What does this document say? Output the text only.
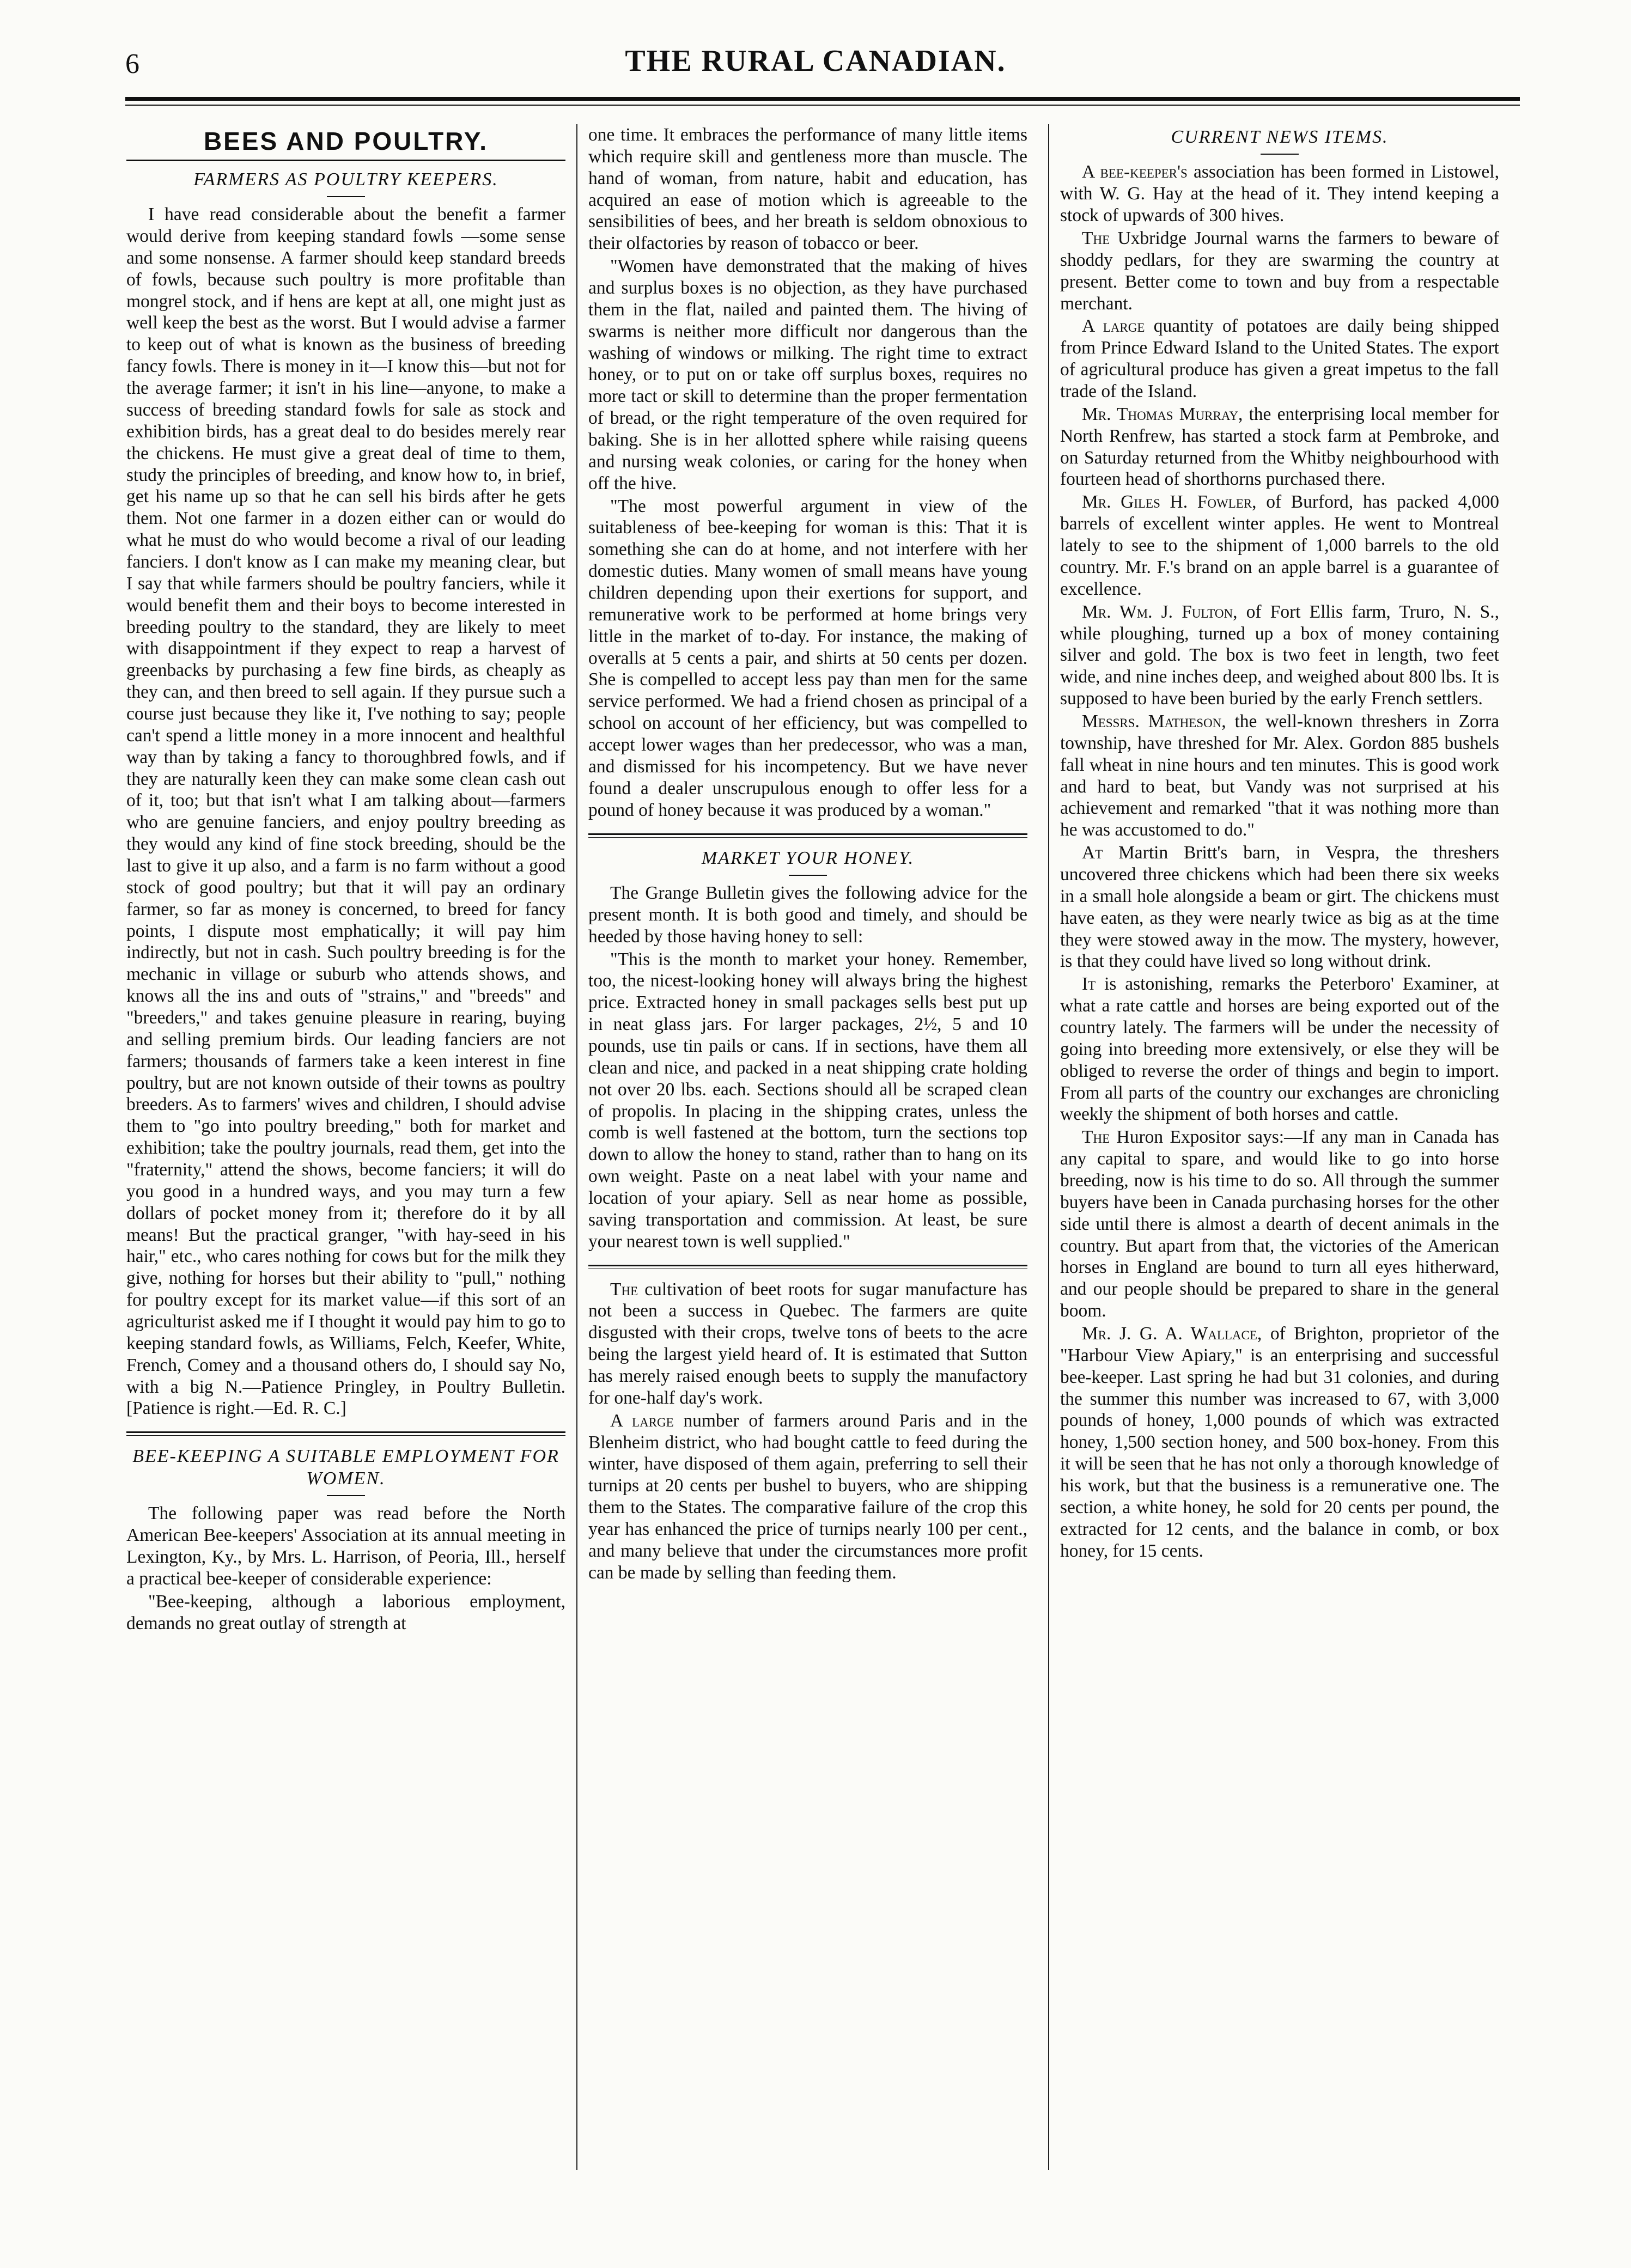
6	THE RURAL CANADIAN.
BEES AND POULTRY.
FARMERS AS POULTRY KEEPERS.

I have read considerable about the benefit a farmer would derive from keeping standard fowls —some sense and some nonsense. A farmer should keep standard breeds of fowls, because such poultry is more profitable than mongrel stock, and if hens are kept at all, one might just as well keep the best as the worst. But I would advise a farmer to keep out of what is known as the business of breeding fancy fowls. There is money in it—I know this—but not for the average farmer; it isn't in his line—anyone, to make a success of breeding standard fowls for sale as stock and exhibition birds, has a great deal to do besides merely rear the chickens. He must give a great deal of time to them, study the principles of breeding, and know how to, in brief, get his name up so that he can sell his birds after he gets them. Not one farmer in a dozen either can or would do what he must do who would become a rival of our leading fanciers. I don't know as I can make my meaning clear, but I say that while farmers should be poultry fanciers, while it would benefit them and their boys to become interested in breeding poultry to the standard, they are likely to meet with disappointment if they expect to reap a harvest of greenbacks by purchasing a few fine birds, as cheaply as they can, and then breed to sell again. If they pursue such a course just because they like it, I've nothing to say; people can't spend a little money in a more innocent and healthful way than by taking a fancy to thoroughbred fowls, and if they are naturally keen they can make some clean cash out of it, too; but that isn't what I am talking about—farmers who are genuine fanciers, and enjoy poultry breeding as they would any kind of fine stock breeding, should be the last to give it up also, and a farm is no farm without a good stock of good poultry; but that it will pay an ordinary farmer, so far as money is concerned, to breed for fancy points, I dispute most emphatically; it will pay him indirectly, but not in cash. Such poultry breeding is for the mechanic in village or suburb who attends shows, and knows all the ins and outs of "strains," and "breeds" and "breeders," and takes genuine pleasure in rearing, buying and selling premium birds. Our leading fanciers are not farmers; thousands of farmers take a keen interest in fine poultry, but are not known outside of their towns as poultry breeders. As to farmers' wives and children, I should advise them to "go into poultry breeding," both for market and exhibition; take the poultry journals, read them, get into the "fraternity," attend the shows, become fanciers; it will do you good in a hundred ways, and you may turn a few dollars of pocket money from it; therefore do it by all means! But the practical granger, "with hay-seed in his hair," etc., who cares nothing for cows but for the milk they give, nothing for horses but their ability to "pull," nothing for poultry except for its market value—if this sort of an agriculturist asked me if I thought it would pay him to go to keeping standard fowls, as Williams, Felch, Keefer, White, French, Comey and a thousand others do, I should say No, with a big N.—Patience Pringley, in Poultry Bulletin. [Patience is right.—Ed. R. C.]

BEE-KEEPING A SUITABLE EMPLOYMENT FOR WOMEN.

The following paper was read before the North American Bee-keepers' Association at its annual meeting in Lexington, Ky., by Mrs. L. Harrison, of Peoria, Ill., herself a practical bee-keeper of considerable experience:

"Bee-keeping, although a laborious employment, demands no great outlay of strength at

one time. It embraces the performance of many little items which require skill and gentleness more than muscle. The hand of woman, from nature, habit and education, has acquired an ease of motion which is agreeable to the sensibilities of bees, and her breath is seldom obnoxious to their olfactories by reason of tobacco or beer.

"Women have demonstrated that the making of hives and surplus boxes is no objection, as they have purchased them in the flat, nailed and painted them. The hiving of swarms is neither more difficult nor dangerous than the washing of windows or milking. The right time to extract honey, or to put on or take off surplus boxes, requires no more tact or skill to determine than the proper fermentation of bread, or the right temperature of the oven required for baking. She is in her allotted sphere while raising queens and nursing weak colonies, or caring for the honey when off the hive.

"The most powerful argument in view of the suitableness of bee-keeping for woman is this: That it is something she can do at home, and not interfere with her domestic duties. Many women of small means have young children depending upon their exertions for support, and remunerative work to be performed at home brings very little in the market of to-day. For instance, the making of overalls at 5 cents a pair, and shirts at 50 cents per dozen. She is compelled to accept less pay than men for the same service performed. We had a friend chosen as principal of a school on account of her efficiency, but was compelled to accept lower wages than her predecessor, who was a man, and dismissed for his incompetency. But we have never found a dealer unscrupulous enough to offer less for a pound of honey because it was produced by a woman."

MARKET YOUR HONEY.

The Grange Bulletin gives the following advice for the present month. It is both good and timely, and should be heeded by those having honey to sell:

"This is the month to market your honey. Remember, too, the nicest-looking honey will always bring the highest price. Extracted honey in small packages sells best put up in neat glass jars. For larger packages, 2½, 5 and 10 pounds, use tin pails or cans. If in sections, have them all clean and nice, and packed in a neat shipping crate holding not over 20 lbs. each. Sections should all be scraped clean of propolis. In placing in the shipping crates, unless the comb is well fastened at the bottom, turn the sections top down to allow the honey to stand, rather than to hang on its own weight. Paste on a neat label with your name and location of your apiary. Sell as near home as possible, saving transportation and commission. At least, be sure your nearest town is well supplied."

The cultivation of beet roots for sugar manufacture has not been a success in Quebec. The farmers are quite disgusted with their crops, twelve tons of beets to the acre being the largest yield heard of. It is estimated that Sutton has merely raised enough beets to supply the manufactory for one-half day's work.

A large number of farmers around Paris and in the Blenheim district, who had bought cattle to feed during the winter, have disposed of them again, preferring to sell their turnips at 20 cents per bushel to buyers, who are shipping them to the States. The comparative failure of the crop this year has enhanced the price of turnips nearly 100 per cent., and many believe that under the circumstances more profit can be made by selling than feeding them.

CURRENT NEWS ITEMS.

A bee-keeper's association has been formed in Listowel, with W. G. Hay at the head of it. They intend keeping a stock of upwards of 300 hives.

The Uxbridge Journal warns the farmers to beware of shoddy pedlars, for they are swarming the country at present. Better come to town and buy from a respectable merchant.

A large quantity of potatoes are daily being shipped from Prince Edward Island to the United States. The export of agricultural produce has given a great impetus to the fall trade of the Island.

Mr. Thomas Murray, the enterprising local member for North Renfrew, has started a stock farm at Pembroke, and on Saturday returned from the Whitby neighbourhood with fourteen head of shorthorns purchased there.

Mr. Giles H. Fowler, of Burford, has packed 4,000 barrels of excellent winter apples. He went to Montreal lately to see to the shipment of 1,000 barrels to the old country. Mr. F.'s brand on an apple barrel is a guarantee of excellence.

Mr. Wm. J. Fulton, of Fort Ellis farm, Truro, N. S., while ploughing, turned up a box of money containing silver and gold. The box is two feet in length, two feet wide, and nine inches deep, and weighed about 800 lbs. It is supposed to have been buried by the early French settlers.

Messrs. Matheson, the well-known threshers in Zorra township, have threshed for Mr. Alex. Gordon 885 bushels fall wheat in nine hours and ten minutes. This is good work and hard to beat, but Vandy was not surprised at his achievement and remarked "that it was nothing more than he was accustomed to do."

At Martin Britt's barn, in Vespra, the threshers uncovered three chickens which had been there six weeks in a small hole alongside a beam or girt. The chickens must have eaten, as they were nearly twice as big as at the time they were stowed away in the mow. The mystery, however, is that they could have lived so long without drink.

It is astonishing, remarks the Peterboro' Examiner, at what a rate cattle and horses are being exported out of the country lately. The farmers will be under the necessity of going into breeding more extensively, or else they will be obliged to reverse the order of things and begin to import. From all parts of the country our exchanges are chronicling weekly the shipment of both horses and cattle.

The Huron Expositor says:—If any man in Canada has any capital to spare, and would like to go into horse breeding, now is his time to do so. All through the summer buyers have been in Canada purchasing horses for the other side until there is almost a dearth of decent animals in the country. But apart from that, the victories of the American horses in England are bound to turn all eyes hitherward, and our people should be prepared to share in the general boom.

Mr. J. G. A. Wallace, of Brighton, proprietor of the "Harbour View Apiary," is an enterprising and successful bee-keeper. Last spring he had but 31 colonies, and during the summer this number was increased to 67, with 3,000 pounds of honey, 1,000 pounds of which was extracted honey, 1,500 section honey, and 500 box-honey. From this it will be seen that he has not only a thorough knowledge of his work, but that the business is a remunerative one. The section, a white honey, he sold for 20 cents per pound, the extracted for 12 cents, and the balance in comb, or box honey, for 15 cents.
